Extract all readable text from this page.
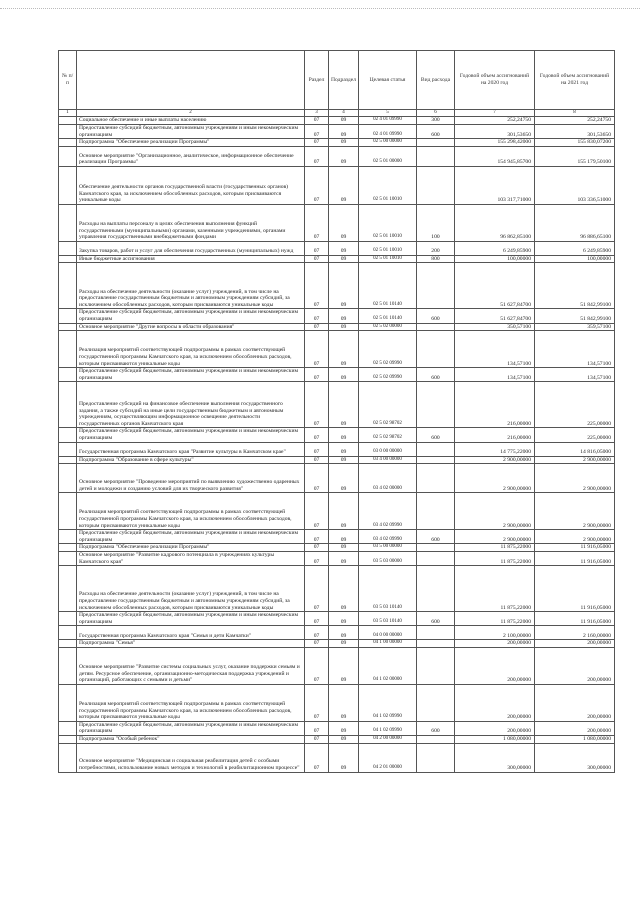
№ п/п		Раздел	Подраздел	Целевая статья	Вид расхода	Годовой объем ассигнований на 2020 год	Годовой объем ассигнований на 2021 год
1	2	3	4	5	6	7	8
	Социальное обеспечение и иные выплаты населению	07	09	02 4 01 09990	300	252,24750	252,24750
	Предоставление субсидий бюджетным, автономным учреждениям и иным некоммерческим организациям	07	09	02 4 01 09990	600	301,53650	301,53650
	Подпрограмма "Обеспечение реализации Программы"	07	09	02 5 00 00000		155 298,42000	155 830,07200
	Основное мероприятие "Организационное, аналитическое, информационное обеспечение реализации Программы"	07	09	02 5 01 00000		154 945,85700	155 179,50100
	Обеспечение деятельности органов государственной власти (государственных органов) Камчатского края, за исключением обособленных расходов, которым присваиваются уникальные коды	07	09	02 5 01 10010		103 317,71000	103 336,51000
	Расходы на выплаты персоналу в целях обеспечения выполнения функций государственными (муниципальными) органами, казенными учреждениями, органами управления государственными внебюджетными фондами	07	09	02 5 01 10010	100	96 862,85100	96 886,65100
	Закупка товаров, работ и услуг для обеспечения государственных (муниципальных) нужд	07	09	02 5 01 10010	200	6 249,85900	6 249,85900
	Иные бюджетные ассигнования	07	09	02 5 01 10010	800	100,00000	100,00000
	Расходы на обеспечение деятельности (оказание услуг) учреждений, в том числе на предоставление государственным бюджетным и автономным учреждениям субсидий, за исключением обособленных расходов, которым присваиваются уникальные коды	07	09	02 5 01 10140		51 627,84700	51 842,99100
	Предоставление субсидий бюджетным, автономным учреждениям и иным некоммерческим организациям	07	09	02 5 01 10140	600	51 627,84700	51 842,99100
	Основное мероприятие "Другие вопросы в области образования"	07	09	02 5 02 00000		350,57100	359,57100
	Реализация мероприятий соответствующей подпрограммы в рамках соответствующей государственной программы Камчатского края, за исключением обособленных расходов, которым присваиваются уникальные коды	07	09	02 5 02 09990		134,57100	134,57100
	Предоставление субсидий бюджетным, автономным учреждениям и иным некоммерческим организациям	07	09	02 5 02 09990	600	134,57100	134,57100
	Предоставление субсидий на финансовое обеспечение выполнения государственного задания, а также субсидий на иные цели государственным бюджетным и автономным учреждениям, осуществляющим информационное освещение деятельности государственных органов Камчатского края	07	09	02 5 02 98702		216,00000	225,00000
	Предоставление субсидий бюджетным, автономным учреждениям и иным некоммерческим организациям	07	09	02 5 02 98702	600	216,00000	225,00000
	Государственная программа Камчатского края "Развитие культуры в Камчатском крае"	07	09	03 0 00 00000		14 775,22000	14 816,05000
	Подпрограмма "Образование в сфере культуры"	07	09	03 4 00 00000		2 900,00000	2 900,00000
	Основное мероприятие "Проведение мероприятий по выявлению художественно одаренных детей и молодежи и созданию условий для их творческого развития"	07	09	03 4 02 00000		2 900,00000	2 900,00000
	Реализация мероприятий соответствующей подпрограммы в рамках соответствующей государственной программы Камчатского края, за исключением обособленных расходов, которым присваиваются уникальные коды	07	09	03 4 02 09990		2 900,00000	2 900,00000
	Предоставление субсидий бюджетным, автономным учреждениям и иным некоммерческим организациям	07	09	03 4 02 09990	600	2 900,00000	2 900,00000
	Подпрограмма "Обеспечение реализации Программы"	07	09	03 5 00 00000		11 875,22000	11 916,05000
	Основное мероприятие "Развитие кадрового потенциала в учреждениях культуры Камчатского края"	07	09	03 5 03 00000		11 875,22000	11 916,05000
	Расходы на обеспечение деятельности (оказание услуг) учреждений, в том числе на предоставление государственным бюджетным и автономным учреждениям субсидий, за исключением обособленных расходов, которым присваиваются уникальные коды	07	09	03 5 03 10140		11 875,22000	11 916,05000
	Предоставление субсидий бюджетным, автономным учреждениям и иным некоммерческим организациям	07	09	03 5 03 10140	600	11 875,22000	11 916,05000
	Государственная программа Камчатского края "Семья и дети Камчатки"	07	09	04 0 00 00000		2 100,00000	2 160,00000
	Подпрограмма "Семья"	07	09	04 1 00 00000		200,00000	200,00000
	Основное мероприятие "Развитие системы социальных услуг, оказание поддержки семьям и детям. Ресурсное обеспечение, организационно-методическая поддержка учреждений и организаций, работающих с семьями и детьми"	07	09	04 1 02 00000		200,00000	200,00000
	Реализация мероприятий соответствующей подпрограммы в рамках соответствующей государственной программы Камчатского края, за исключением обособленных расходов, которым присваиваются уникальные коды	07	09	04 1 02 09990		200,00000	200,00000
	Предоставление субсидий бюджетным, автономным учреждениям и иным некоммерческим организациям	07	09	04 1 02 09990	600	200,00000	200,00000
	Подпрограмма "Особый ребенок"	07	09	04 2 00 00000		1 080,00000	1 080,00000
	Основное мероприятие "Медицинская и социальная реабилитация детей с особыми потребностями, использование новых методов и технологий в реабилитационном процессе"	07	09	04 2 01 00000		300,00000	300,00000
